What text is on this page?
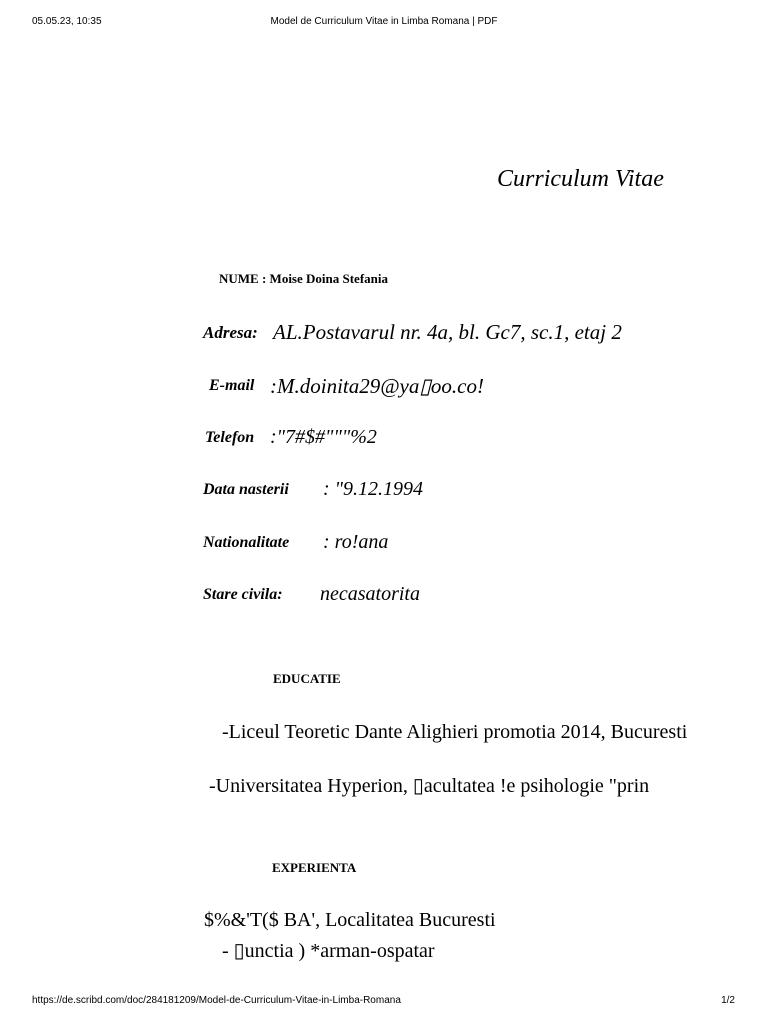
05.05.23, 10:35	Model de Curriculum Vitae in Limba Romana | PDF
Curriculum Vitae
NUME : Moise Doina Stefania
Adresa: AL.Postavarul nr. 4a, bl. Gc7, sc.1, etaj 2
E-mail :M.doinita29@ya▯oo.co!
Telefon :"7#$#"""%2
Data nasterii : "9.12.1994
Nationalitate : ro!ana
Stare civila: necasatorita
EDUCATIE
-Liceul Teoretic Dante Alighieri promotia 2014, Bucuresti
-Universitatea Hyperion, ▯acultatea !e psihologie "prin
EXPERIENTA
$%&'T($ BA', Localitatea Bucuresti
- ▯unctia ) *arman-ospatar
https://de.scribd.com/doc/284181209/Model-de-Curriculum-Vitae-in-Limba-Romana	1/2
